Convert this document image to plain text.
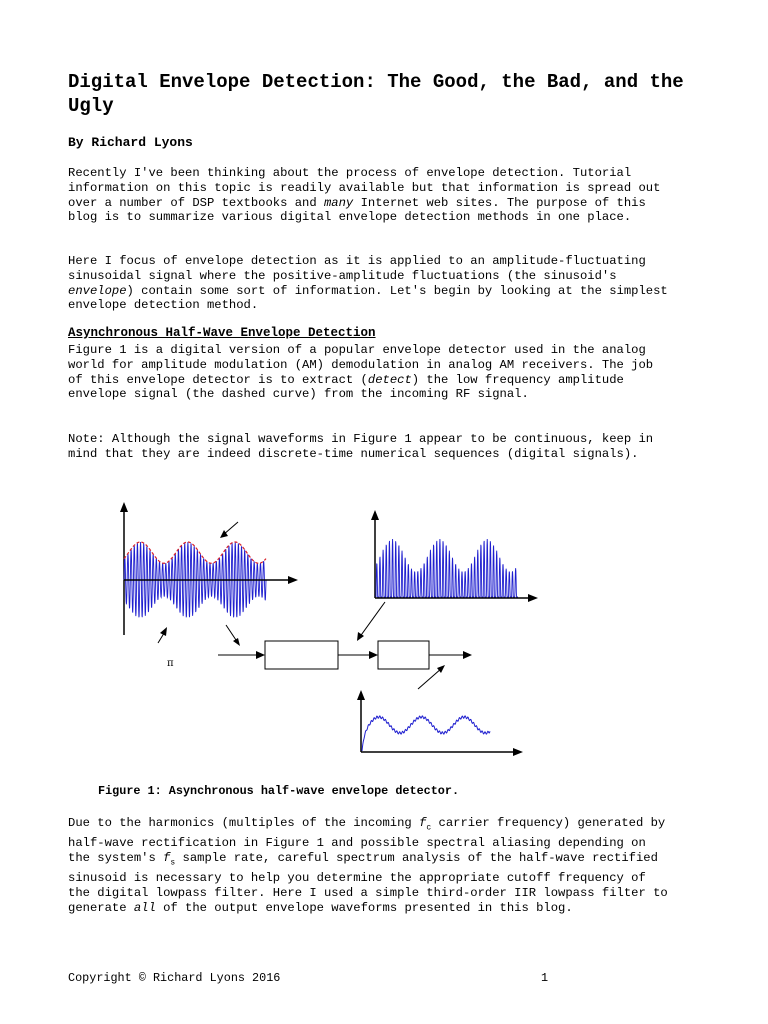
Digital Envelope Detection: The Good, the Bad, and the Ugly
By Richard Lyons

Recently I've been thinking about the process of envelope detection. Tutorial information on this topic is readily available but that information is spread out over a number of DSP textbooks and many Internet web sites. The purpose of this blog is to summarize various digital envelope detection methods in one place.

Here I focus of envelope detection as it is applied to an amplitude-fluctuating sinusoidal signal where the positive-amplitude fluctuations (the sinusoid's envelope) contain some sort of information. Let's begin by looking at the simplest envelope detection method.

Asynchronous Half-Wave Envelope Detection

Figure 1 is a digital version of a popular envelope detector used in the analog world for amplitude modulation (AM) demodulation in analog AM receivers. The job of this envelope detector is to extract (detect) the low frequency amplitude envelope signal (the dashed curve) from the incoming RF signal.

Note: Although the signal waveforms in Figure 1 appear to be continuous, keep in mind that they are indeed discrete-time numerical sequences (digital signals).

π
Figure 1: Asynchronous half-wave envelope detector.

Due to the harmonics (multiples of the incoming $f_c$ carrier frequency) generated by half-wave rectification in Figure 1 and possible spectral aliasing depending on the system's $f_s$ sample rate, careful spectrum analysis of the half-wave rectified sinusoid is necessary to help you determine the appropriate cutoff frequency of the digital lowpass filter. Here I used a simple third-order IIR lowpass filter to generate all of the output envelope waveforms presented in this blog.

Copyright © Richard Lyons 2016	1
